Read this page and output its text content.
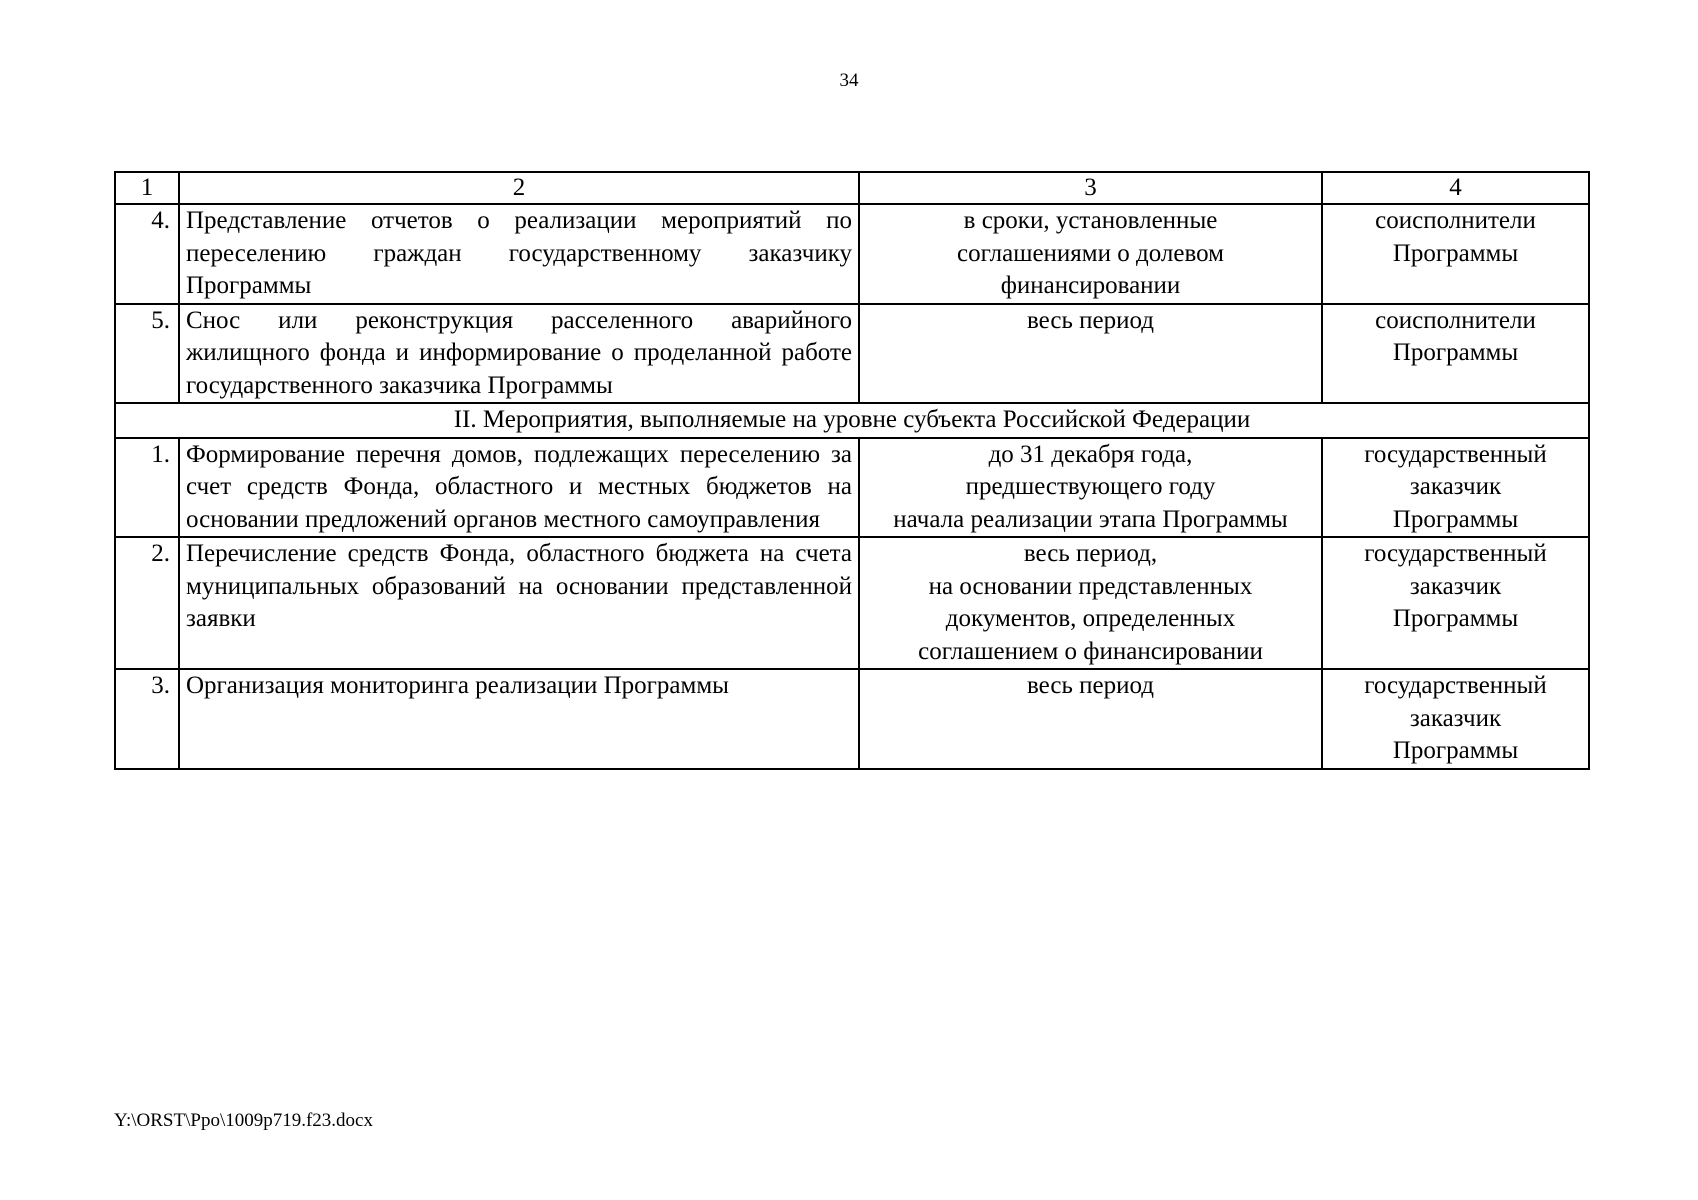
34
1	2	3	4
4.	Представление отчетов о реализации мероприятий по переселению граждан государственному заказчику Программы	в сроки, установленные
соглашениями о долевом
финансировании	соисполнители
Программы

5.	Снос или реконструкция расселенного аварийного жилищного фонда и информирование о проделанной работе государственного заказчика Программы	весь период	соисполнители
Программы

II. Мероприятия, выполняемые на уровне субъекта Российской Федерации			
1.	Формирование перечня домов, подлежащих переселению за счет средств Фонда, областного и местных бюджетов на основании предложений органов местного самоуправления	до 31 декабря года,
предшествующего году
начала реализации этапа Программы	государственный
заказчик
Программы

2.	Перечисление средств Фонда, областного бюджета на счета муниципальных образований на основании представленной заявки	весь период,
на основании представленных
документов, определенных
соглашением о финансировании	государственный
заказчик
Программы

3.	Организация мониторинга реализации Программы	весь период	государственный
заказчик
Программы
Y:\ORST\Ppo\1009p719.f23.docx
